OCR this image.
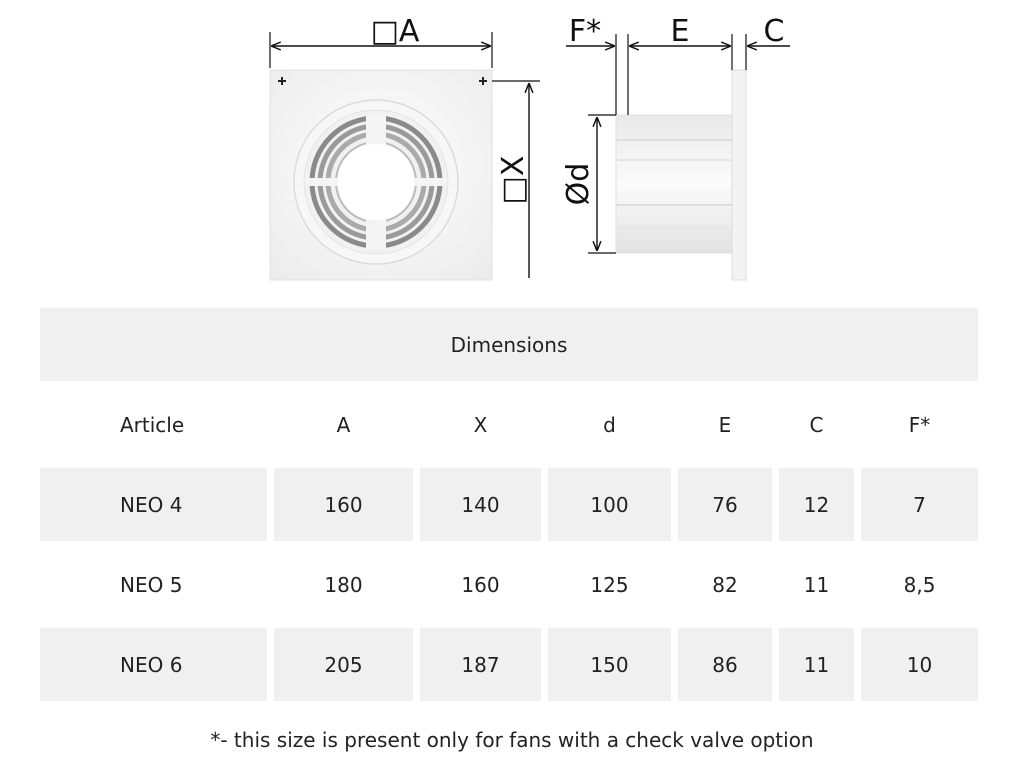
□A
□X Ød
F* E C
Dimensions						

Article	A	X	d	E	C	F*

NEO 4	160	140	100	76	12	7

NEO 5	180	160	125	82	11	8,5

NEO 6	205	187	150	86	11	10
*- this size is present only for fans with a check valve option
